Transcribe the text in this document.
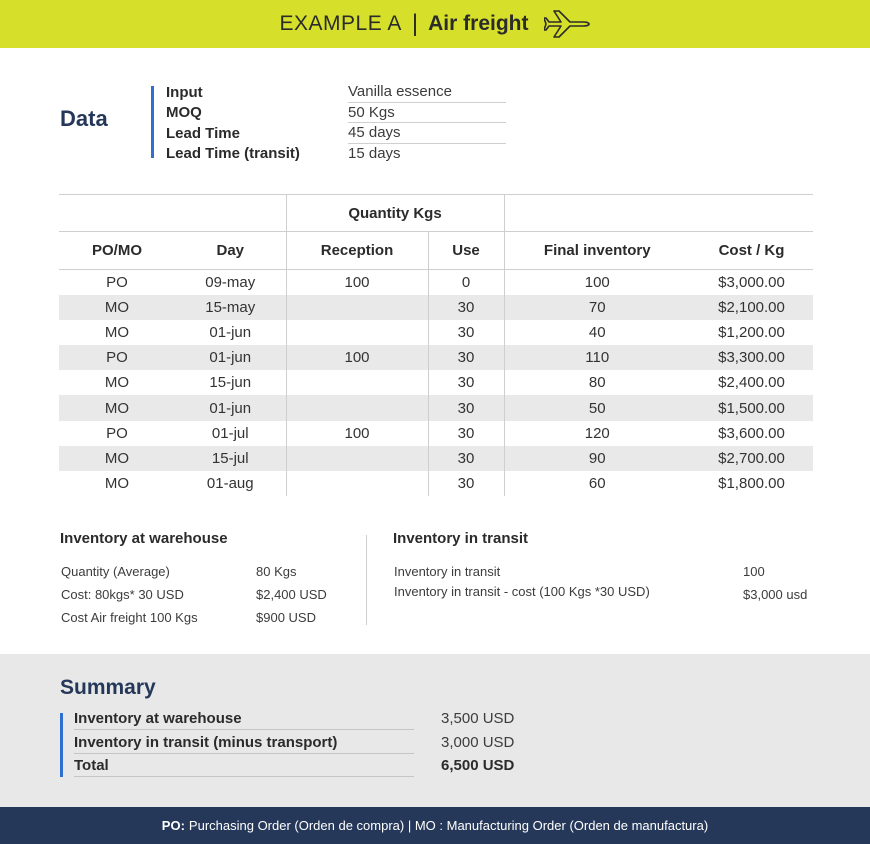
EXAMPLE A | Air freight
Data
Input	Vanilla essence
MOQ	50 Kgs
Lead Time	45 days
Lead Time (transit)	15 days
		Quantity Kgs			
PO/MO	Day	Reception	Use	Final inventory	Cost / Kg
PO	09-may	100	0	100	$3,000.00
MO	15-may		30	70	$2,100.00
MO	01-jun		30	40	$1,200.00
PO	01-jun	100	30	110	$3,300.00
MO	15-jun		30	80	$2,400.00
MO	01-jun		30	50	$1,500.00
PO	01-jul	100	30	120	$3,600.00
MO	15-jul		30	90	$2,700.00
MO	01-aug		30	60	$1,800.00
Inventory at warehouse
Quantity (Average)	80 Kgs
Cost: 80kgs* 30 USD	$2,400 USD
Cost Air freight 100 Kgs	$900 USD
Inventory in transit
Inventory in transit	100
Inventory in transit - cost (100 Kgs *30 USD)	$3,000 usd
Summary
Inventory at warehouse	3,500 USD
Inventory in transit (minus transport)	3,000 USD
Total	6,500 USD
PO: Purchasing Order (Orden de compra) | MO : Manufacturing Order (Orden de manufactura)
